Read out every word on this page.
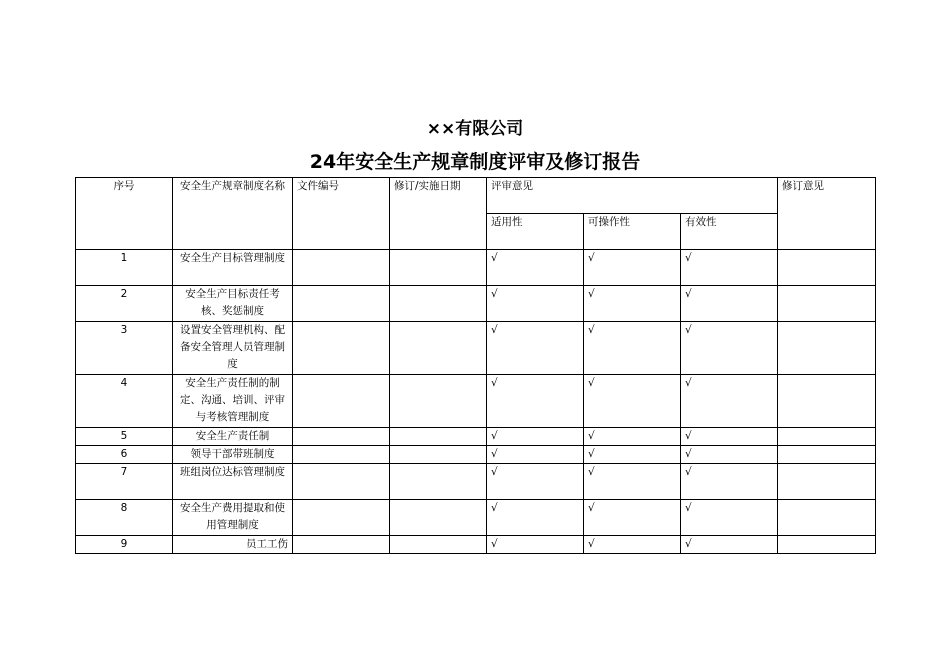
××有限公司
24年安全生产规章制度评审及修订报告
序号	安全生产规章制度名称	文件编号	修订/实施日期	评审意见			修订意见
				适用性	可操作性	有效性	
1	安全生产目标管理制度			√	√	√	
2	安全生产目标责任考核、奖惩制度			√	√	√	
3	设置安全管理机构、配备安全管理人员管理制度			√	√	√	
4	安全生产责任制的制定、沟通、培训、评审与考核管理制度			√	√	√	
5	安全生产责任制			√	√	√	
6	领导干部带班制度			√	√	√	
7	班组岗位达标管理制度			√	√	√	
8	安全生产费用提取和使用管理制度			√	√	√	
9	员工工伤			√	√	√	
